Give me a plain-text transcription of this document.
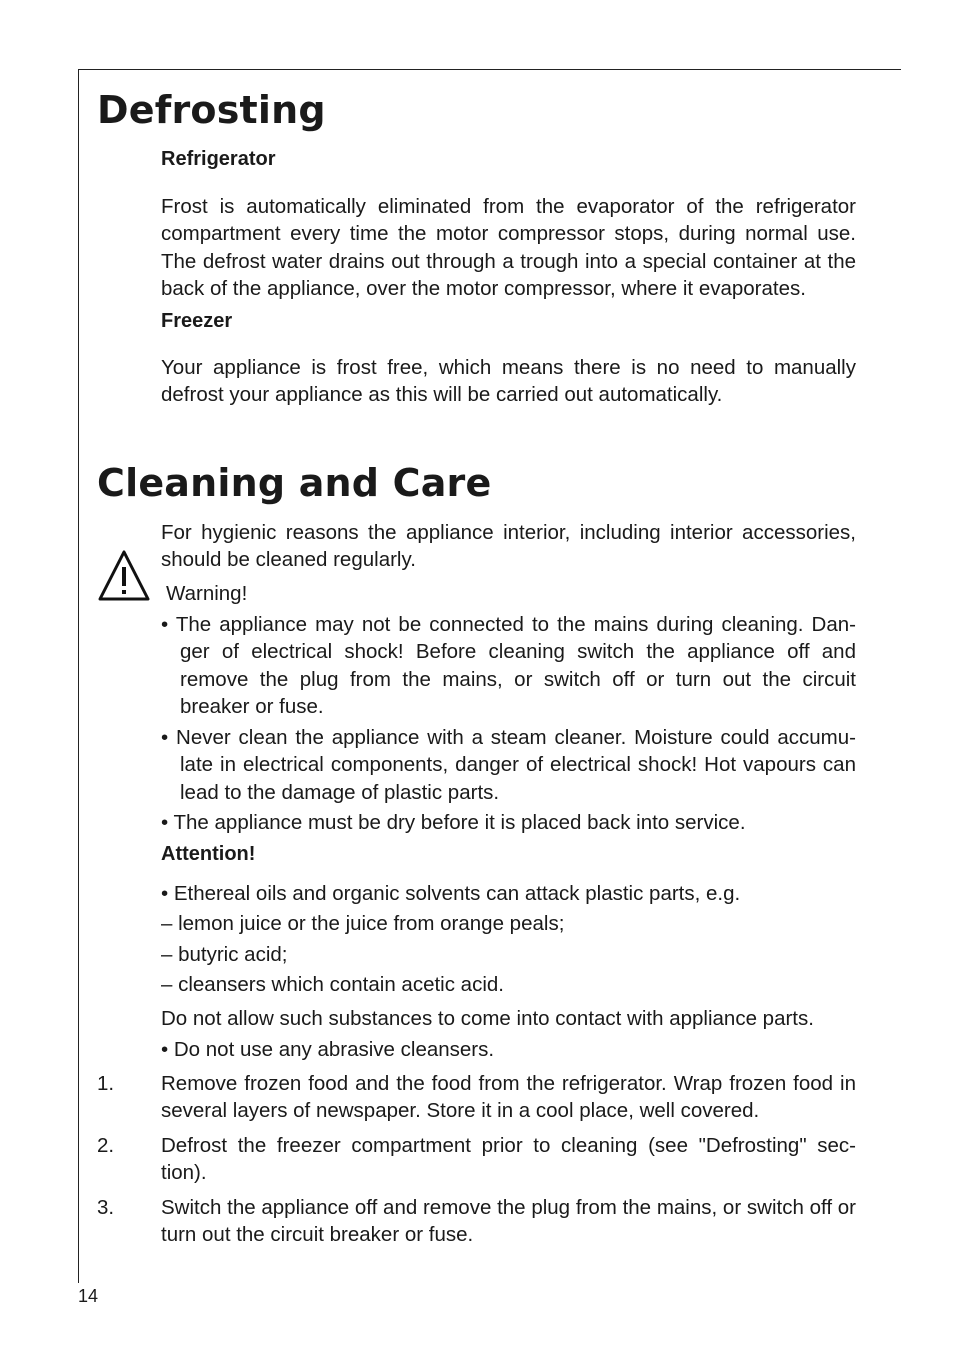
Defrosting
Refrigerator
Frost is automatically eliminated from the evaporator of the refrigerator compartment every time the motor compressor stops, during normal use. The defrost water drains out through a trough into a special container at the back of the appliance, over the motor compressor, where it evaporates.
Freezer
Your appliance is frost free, which means there is no need to manually defrost your appliance as this will be carried out automatically.
Cleaning and Care
For hygienic reasons the appliance interior, including interior accessories, should be cleaned regularly.
Warning!
• The appliance may not be connected to the mains during cleaning. Dan-ger of electrical shock! Before cleaning switch the appliance off and remove the plug from the mains, or switch off or turn out the circuit breaker or fuse.
• Never clean the appliance with a steam cleaner. Moisture could accumu-late in electrical components, danger of electrical shock! Hot vapours can lead to the damage of plastic parts.
• The appliance must be dry before it is placed back into service.
Attention!
• Ethereal oils and organic solvents can attack plastic parts, e.g.
– lemon juice or the juice from orange peals;
– butyric acid;
– cleansers which contain acetic acid.
Do not allow such substances to come into contact with appliance parts.
• Do not use any abrasive cleansers.
1. Remove frozen food and the food from the refrigerator. Wrap frozen food in several layers of newspaper. Store it in a cool place, well covered.
2. Defrost the freezer compartment prior to cleaning (see "Defrosting" sec-tion).
3. Switch the appliance off and remove the plug from the mains, or switch off or turn out the circuit breaker or fuse.
14
